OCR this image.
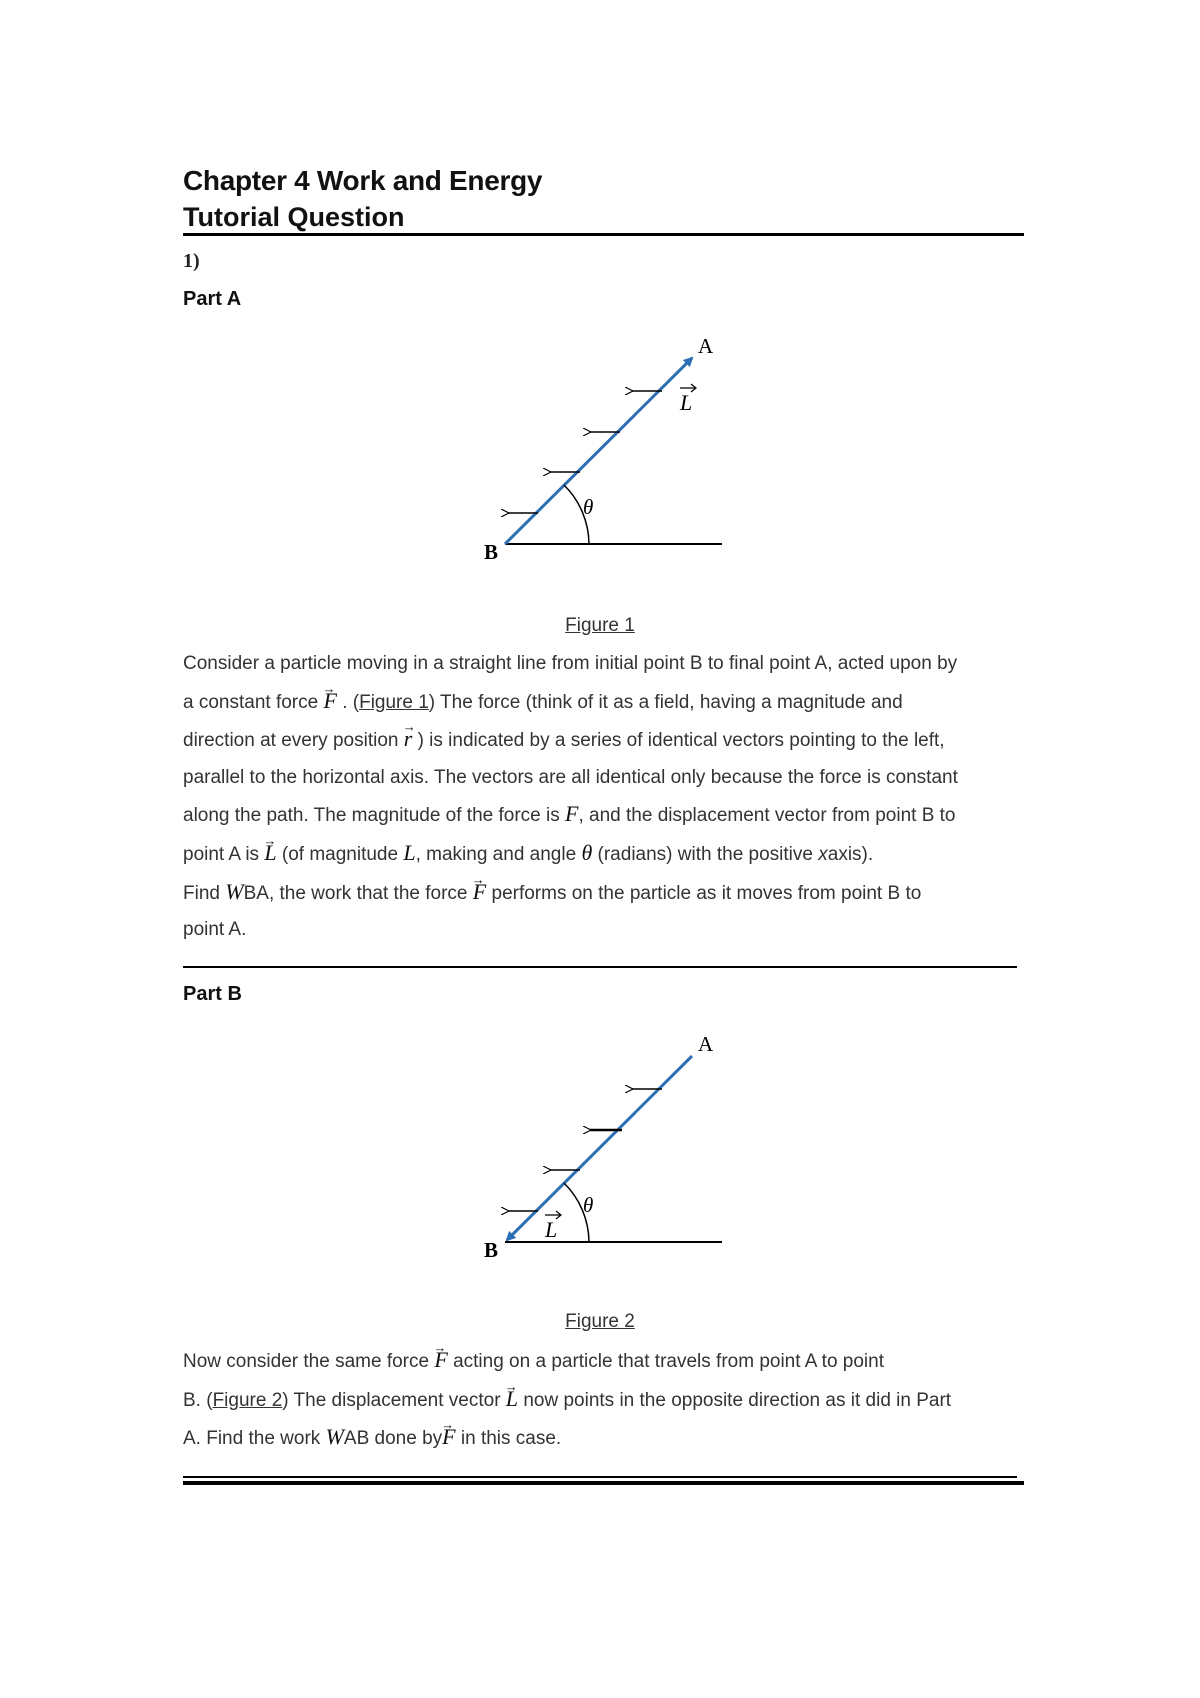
Chapter 4 Work and Energy
Tutorial Question
1)
Part A
A
B
L
θ
Figure 1
Consider a particle moving in a straight line from initial point B to final point A, acted upon by
a constant force → F . (Figure 1) The force (think of it as a field, having a magnitude and
direction at every position → r ) is indicated by a series of identical vectors pointing to the left,
parallel to the horizontal axis. The vectors are all identical only because the force is constant
along the path. The magnitude of the force is F, and the displacement vector from point B to
point A is → L (of magnitude L, making and angle θ (radians) with the positive xaxis).
Find WBA, the work that the force → F performs on the particle as it moves from point B to
point A.
Part B
A
B
L
θ
Figure 2
Now consider the same force → F acting on a particle that travels from point A to point
B. (Figure 2) The displacement vector → L now points in the opposite direction as it did in Part
A. Find the work WAB done by→ F in this case.
